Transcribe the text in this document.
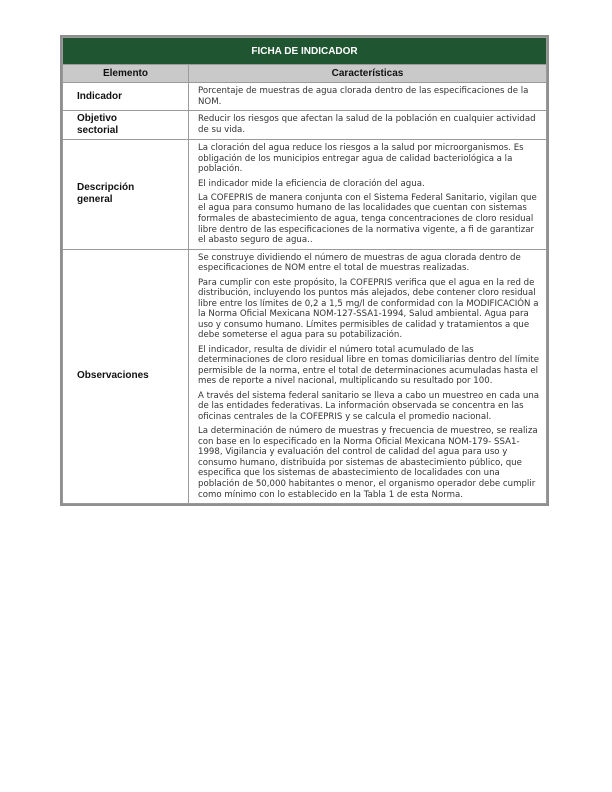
FICHA DE INDICADOR	
Elemento	Características
Indicador	Porcentaje de muestras de agua clorada dentro de las especificaciones de la NOM.

Objetivo sectorial	Reducir los riesgos que afectan la salud de la población en cualquier actividad de su vida.

Descripción general	La cloración del agua reduce los riesgos a la salud por microorganismos. Es obligación de los municipios entregar agua de calidad bacteriológica a la población.

El indicador mide la eficiencia de cloración del agua.

La COFEPRIS de manera conjunta con el Sistema Federal Sanitario, vigilan que el agua para consumo humano de las localidades que cuentan con sistemas formales de abastecimiento de agua, tenga concentraciones de cloro residual libre dentro de las especificaciones de la normativa vigente, a fi de garantizar el abasto seguro de agua..

Observaciones	Se construye dividiendo el número de muestras de agua clorada dentro de especificaciones de NOM entre el total de muestras realizadas.

Para cumplir con este propósito, la COFEPRIS verifica que el agua en la red de distribución, incluyendo los puntos más alejados, debe contener cloro residual libre entre los límites de 0,2 a 1,5 mg/l de conformidad con la MODIFICACIÓN a la Norma Oficial Mexicana NOM-127-SSA1-1994, Salud ambiental. Agua para uso y consumo humano. Límites permisibles de calidad y tratamientos a que debe someterse el agua para su potabilización.

El indicador, resulta de dividir el número total acumulado de las determinaciones de cloro residual libre en tomas domiciliarias dentro del límite permisible de la norma, entre el total de determinaciones acumuladas hasta el mes de reporte a nivel nacional, multiplicando su resultado por 100.

A través del sistema federal sanitario se lleva a cabo un muestreo en cada una de las entidades federativas. La información observada se concentra en las oficinas centrales de la COFEPRIS y se calcula el promedio nacional.

La determinación de número de muestras y frecuencia de muestreo, se realiza con base en lo especificado en la Norma Oficial Mexicana NOM-179- SSA1-1998, Vigilancia y evaluación del control de calidad del agua para uso y consumo humano, distribuida por sistemas de abastecimiento público, que especifica que los sistemas de abastecimiento de localidades con una población de 50,000 habitantes o menor, el organismo operador debe cumplir como mínimo con lo establecido en la Tabla 1 de esta Norma.
